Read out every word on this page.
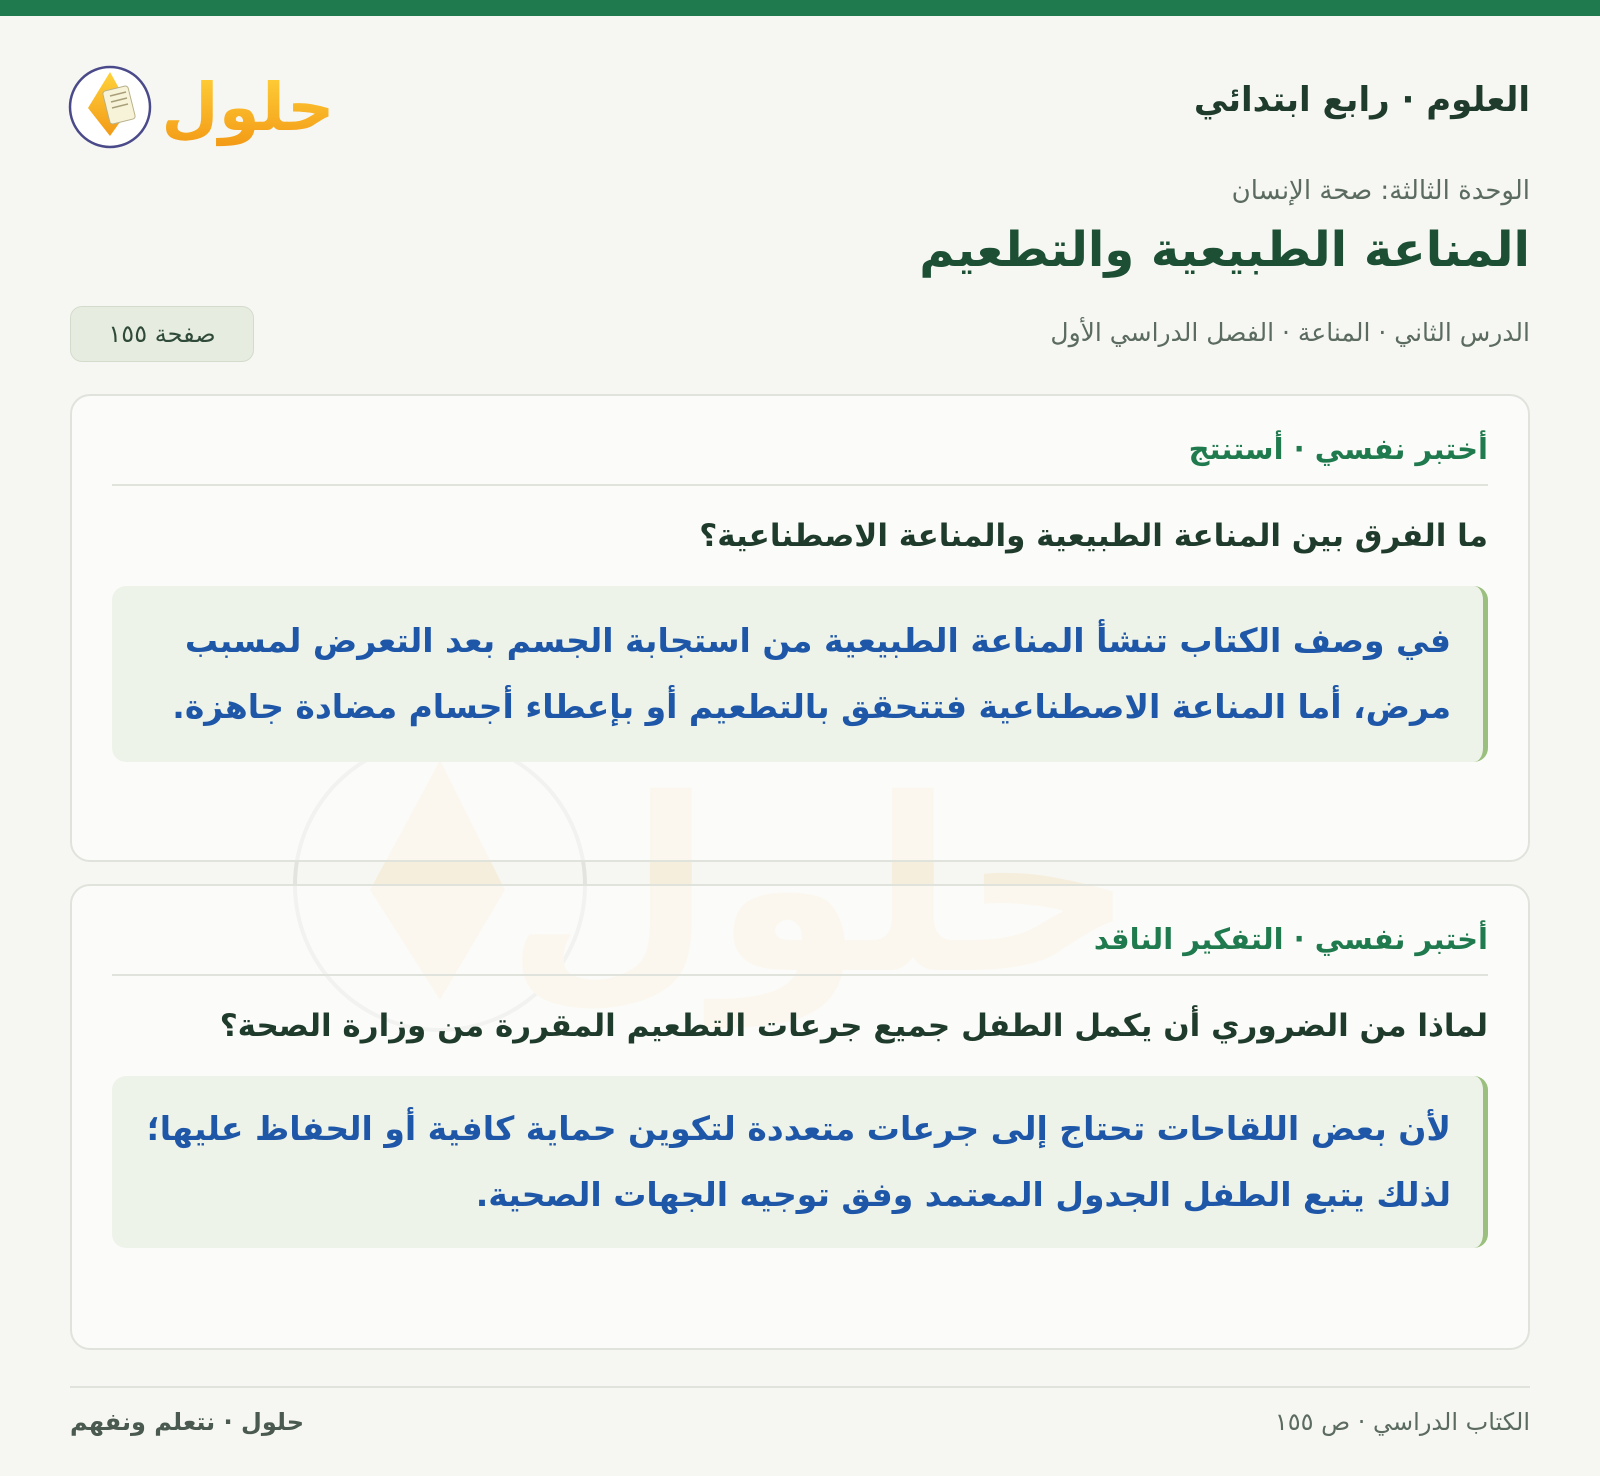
العلوم · رابع ابتدائي
حلول
الوحدة الثالثة: صحة الإنسان
المناعة الطبيعية والتطعيم
الدرس الثاني · المناعة · الفصل الدراسي الأول
صفحة ١٥٥
أختبر نفسي · أستنتج
ما الفرق بين المناعة الطبيعية والمناعة الاصطناعية؟
في وصف الكتاب تنشأ المناعة الطبيعية من استجابة الجسم بعد التعرض لمسبب مرض، أما المناعة الاصطناعية فتتحقق بالتطعيم أو بإعطاء أجسام مضادة جاهزة.
أختبر نفسي · التفكير الناقد
لماذا من الضروري أن يكمل الطفل جميع جرعات التطعيم المقررة من وزارة الصحة؟
لأن بعض اللقاحات تحتاج إلى جرعات متعددة لتكوين حماية كافية أو الحفاظ عليها؛ لذلك يتبع الطفل الجدول المعتمد وفق توجيه الجهات الصحية.
الكتاب الدراسي · ص ١٥٥
حلول · نتعلم ونفهم
